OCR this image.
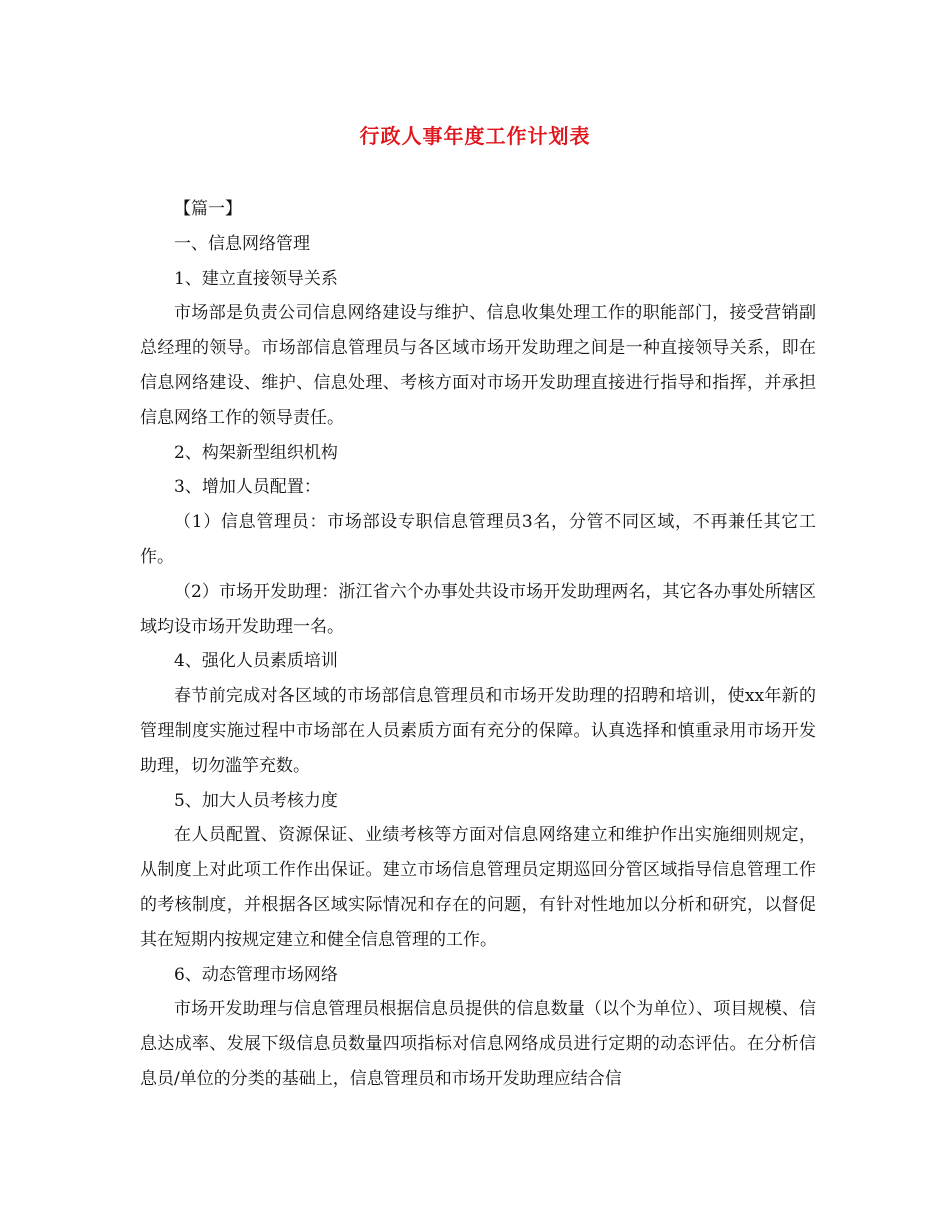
行政人事年度工作计划表

【篇一】

一、信息网络管理

1、建立直接领导关系

市场部是负责公司信息网络建设与维护、信息收集处理工作的职能部门，接受营销副总经理的领导。市场部信息管理员与各区域市场开发助理之间是一种直接领导关系，即在信息网络建设、维护、信息处理、考核方面对市场开发助理直接进行指导和指挥，并承担信息网络工作的领导责任。

2、构架新型组织机构

3、增加人员配置：

（1）信息管理员：市场部设专职信息管理员3名，分管不同区域，不再兼任其它工作。

（2）市场开发助理：浙江省六个办事处共设市场开发助理两名，其它各办事处所辖区域均设市场开发助理一名。

4、强化人员素质培训

春节前完成对各区域的市场部信息管理员和市场开发助理的招聘和培训，使xx年新的管理制度实施过程中市场部在人员素质方面有充分的保障。认真选择和慎重录用市场开发助理，切勿滥竽充数。

5、加大人员考核力度

在人员配置、资源保证、业绩考核等方面对信息网络建立和维护作出实施细则规定，从制度上对此项工作作出保证。建立市场信息管理员定期巡回分管区域指导信息管理工作的考核制度，并根据各区域实际情况和存在的问题，有针对性地加以分析和研究，以督促其在短期内按规定建立和健全信息管理的工作。

6、动态管理市场网络

市场开发助理与信息管理员根据信息员提供的信息数量（以个为单位）、项目规模、信息达成率、发展下级信息员数量四项指标对信息网络成员进行定期的动态评估。在分析信息员/单位的分类的基础上，信息管理员和市场开发助理应结合信
